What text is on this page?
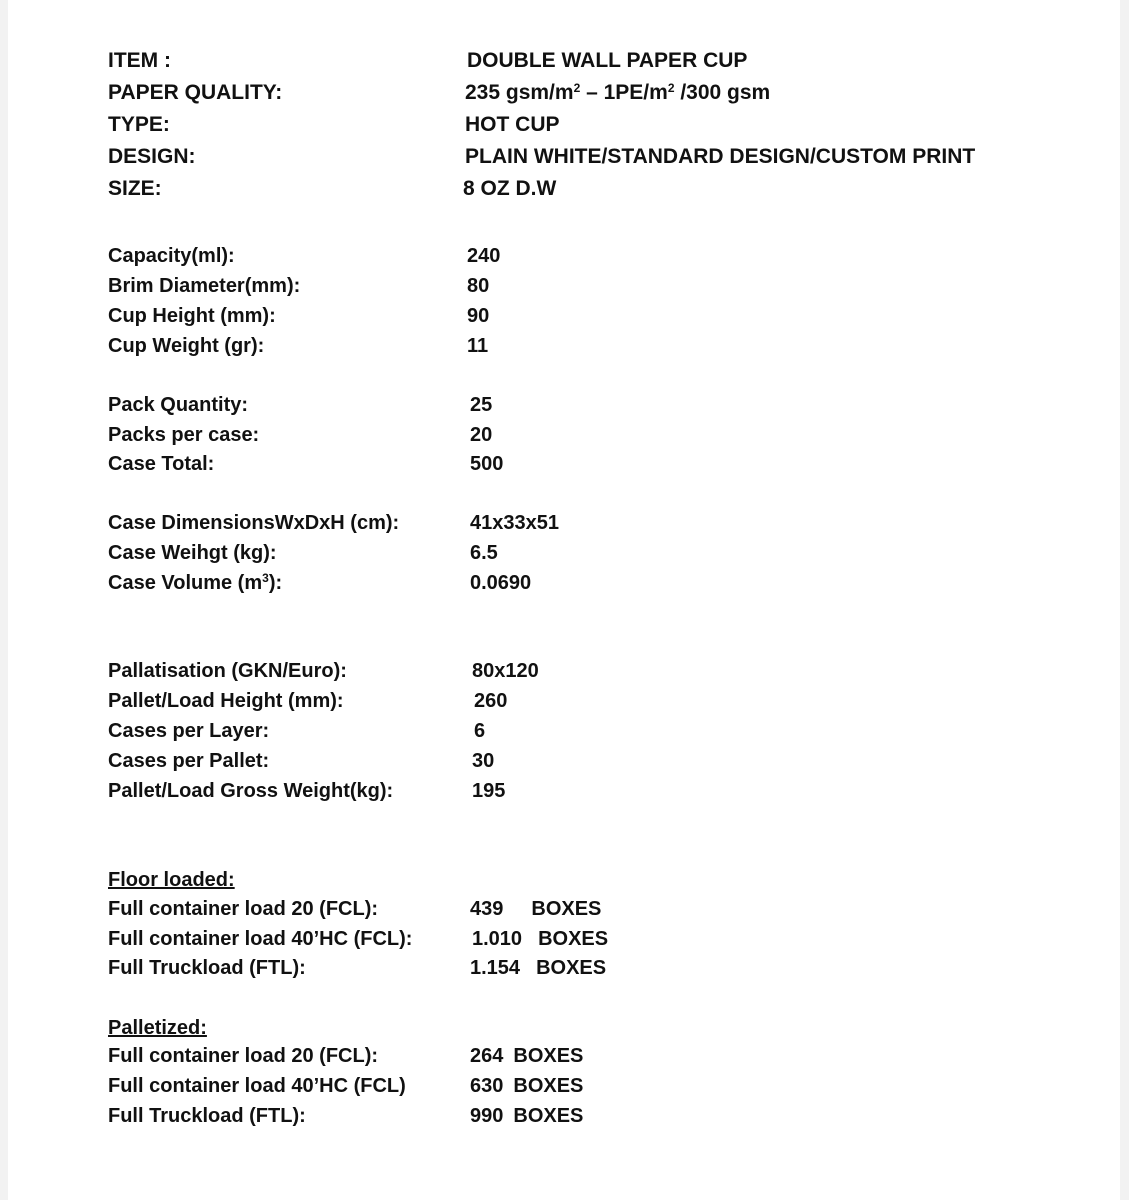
ITEM :	DOUBLE WALL PAPER CUP
PAPER QUALITY:	235 gsm/$m^2 - 1PE/m^2$ /300 gsm
TYPE:	HOT CUP
DESIGN:	PLAIN WHITE/STANDARD DESIGN/CUSTOM PRINT
SIZE:	8 OZ D.W
Capacity(ml):	240
Brim Diameter(mm):	80
Cup Height (mm):	90
Cup Weight (gr):	11
Pack Quantity:	25
Packs per case:	20
Case Total:	500
Case DimensionsWxDxH (cm):	41x33x51
Case Weihgt (kg):	6.5
Case Volume $(m^3)$:	0.0690
Pallatisation (GKN/Euro):	80x120
Pallet/Load Height (mm):	260
Cases per Layer:	6
Cases per Pallet:	30
Pallet/Load Gross Weight(kg):	195
Floor loaded:
Full container load 20 (FCL):	439 BOXES
Full container load 40’HC (FCL):	1.010 BOXES
Full Truckload (FTL):	1.154 BOXES
Palletized:
Full container load 20 (FCL):	264 BOXES
Full container load 40’HC (FCL)	630 BOXES
Full Truckload (FTL):	990 BOXES
